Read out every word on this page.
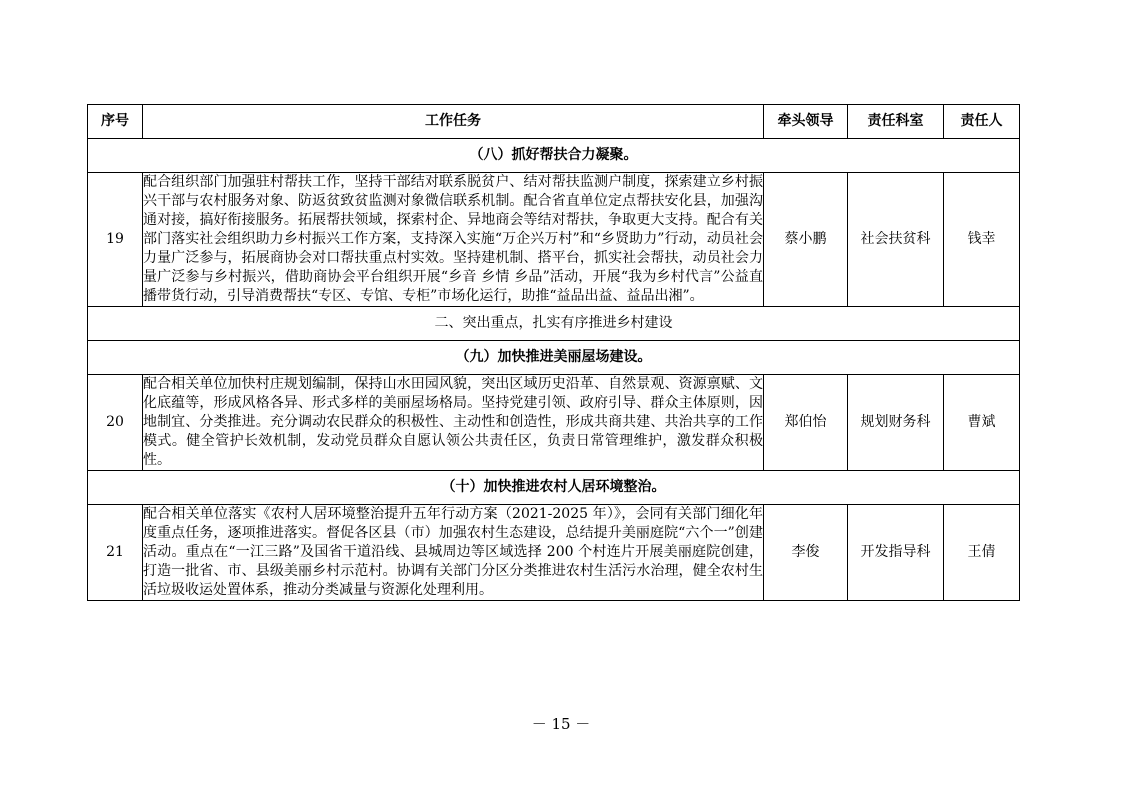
序号	工作任务	牵头领导	责任科室	责任人
（八）抓好帮扶合力凝聚。				
19	配合组织部门加强驻村帮扶工作，坚持干部结对联系脱贫户、结对帮扶监测户制度，探索建立乡村振兴干部与农村服务对象、防返贫致贫监测对象微信联系机制。配合省直单位定点帮扶安化县，加强沟通对接，搞好衔接服务。拓展帮扶领域，探索村企、异地商会等结对帮扶，争取更大支持。配合有关部门落实社会组织助力乡村振兴工作方案，支持深入实施“万企兴万村”和“乡贤助力”行动，动员社会力量广泛参与，拓展商协会对口帮扶重点村实效。坚持建机制、搭平台，抓实社会帮扶，动员社会力量广泛参与乡村振兴，借助商协会平台组织开展“乡音 乡情 乡品”活动，开展“我为乡村代言”公益直播带货行动，引导消费帮扶“专区、专馆、专柜”市场化运行，助推“益品出益、益品出湘”。	蔡小鹏	社会扶贫科	钱幸
二、突出重点，扎实有序推进乡村建设				
（九）加快推进美丽屋场建设。				
20	配合相关单位加快村庄规划编制，保持山水田园风貌，突出区域历史沿革、自然景观、资源禀赋、文化底蕴等，形成风格各异、形式多样的美丽屋场格局。坚持党建引领、政府引导、群众主体原则，因地制宜、分类推进。充分调动农民群众的积极性、主动性和创造性，形成共商共建、共治共享的工作模式。健全管护长效机制，发动党员群众自愿认领公共责任区，负责日常管理维护，激发群众积极性。	郑伯怡	规划财务科	曹斌
（十）加快推进农村人居环境整治。				
21	配合相关单位落实《农村人居环境整治提升五年行动方案（2021-2025 年）》，会同有关部门细化年度重点任务，逐项推进落实。督促各区县（市）加强农村生态建设，总结提升美丽庭院“六个一”创建活动。重点在“一江三路”及国省干道沿线、县城周边等区域选择 200 个村连片开展美丽庭院创建，打造一批省、市、县级美丽乡村示范村。协调有关部门分区分类推进农村生活污水治理，健全农村生活垃圾收运处置体系，推动分类减量与资源化处理利用。	李俊	开发指导科	王倩
－ 15 －
